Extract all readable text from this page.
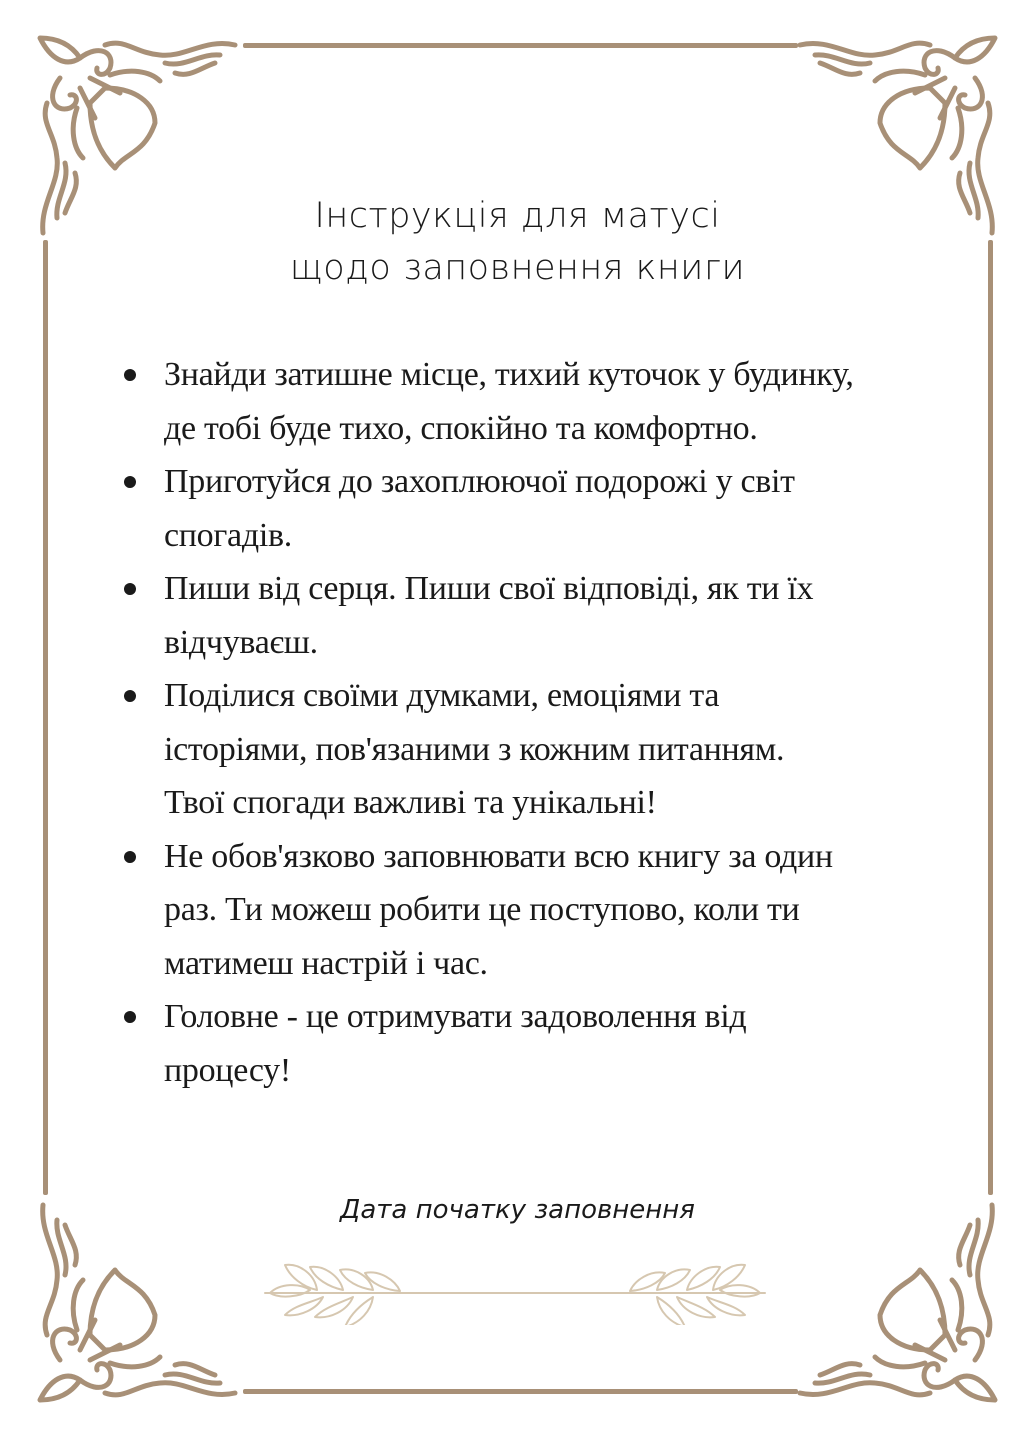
Інструкція для матусі
щодо заповнення книги
Знайди затишне місце, тихий куточок у будинку,
де тобі буде тихо, спокійно та комфортно.
Приготуйся до захоплюючої подорожі у світ
спогадів.
Пиши від серця. Пиши свої відповіді, як ти їх
відчуваєш.
Поділися своїми думками, емоціями та
історіями, пов'язаними з кожним питанням.
Твої спогади важливі та унікальні!
Не обов'язково заповнювати всю книгу за один
раз. Ти можеш робити це поступово, коли ти
матимеш настрій і час.
Головне - це отримувати задоволення від
процесу!
Дата початку заповнення
